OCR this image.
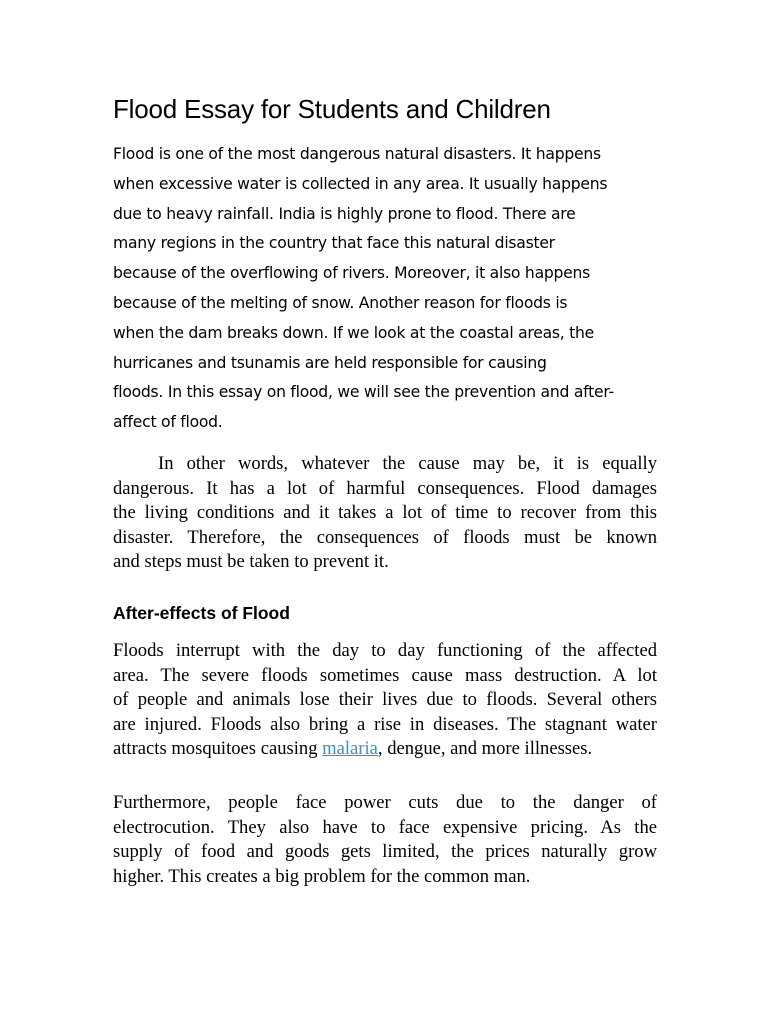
Flood Essay for Students and Children

Flood is one of the most dangerous natural disasters. It happens
when excessive water is collected in any area. It usually happens
due to heavy rainfall. India is highly prone to flood. There are
many regions in the country that face this natural disaster
because of the overflowing of rivers. Moreover, it also happens
because of the melting of snow. Another reason for floods is
when the dam breaks down. If we look at the coastal areas, the
hurricanes and tsunamis are held responsible for causing
floods. In this essay on flood, we will see the prevention and after-
affect of flood.

In other words, whatever the cause may be, it is equally
dangerous. It has a lot of harmful consequences. Flood damages
the living conditions and it takes a lot of time to recover from this
disaster. Therefore, the consequences of floods must be known
and steps must be taken to prevent it.

After-effects of Flood

Floods interrupt with the day to day functioning of the affected
area. The severe floods sometimes cause mass destruction. A lot
of people and animals lose their lives due to floods. Several others
are injured. Floods also bring a rise in diseases. The stagnant water
attracts mosquitoes causing malaria, dengue, and more illnesses.

Furthermore, people face power cuts due to the danger of
electrocution. They also have to face expensive pricing. As the
supply of food and goods gets limited, the prices naturally grow
higher. This creates a big problem for the common man.
